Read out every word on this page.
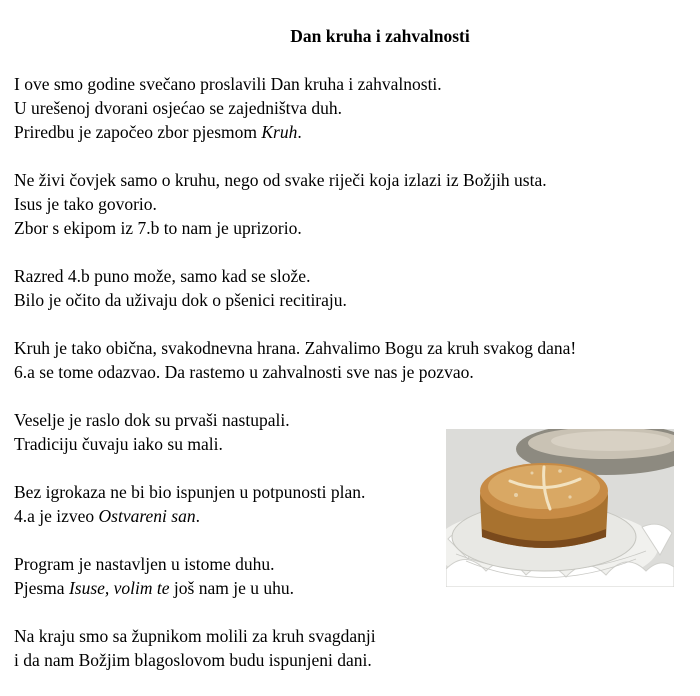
Dan kruha i zahvalnosti
I ove smo godine svečano proslavili Dan kruha i zahvalnosti.
U urešenoj dvorani osjećao se zajedništva duh.
Priredbu je započeo zbor pjesmom Kruh.
Ne živi čovjek samo o kruhu, nego od svake riječi koja izlazi iz Božjih usta.
Isus je tako govorio.
Zbor s ekipom iz 7.b to nam je uprizorio.
Razred 4.b puno može, samo kad se slože.
Bilo je očito da uživaju dok o pšenici recitiraju.
Kruh je tako obična, svakodnevna hrana. Zahvalimo Bogu za kruh svakog dana!
6.a se tome odazvao. Da rastemo u zahvalnosti sve nas je pozvao.
Veselje je raslo dok su prvaši nastupali.
Tradiciju čuvaju iako su mali.
Bez igrokaza ne bi bio ispunjen u potpunosti plan.
4.a je izveo Ostvareni san.
Program je nastavljen u istome duhu.
Pjesma Isuse, volim te još nam je u uhu.
Na kraju smo sa župnikom molili za kruh svagdanji
i da nam Božjim blagoslovom budu ispunjeni dani.
